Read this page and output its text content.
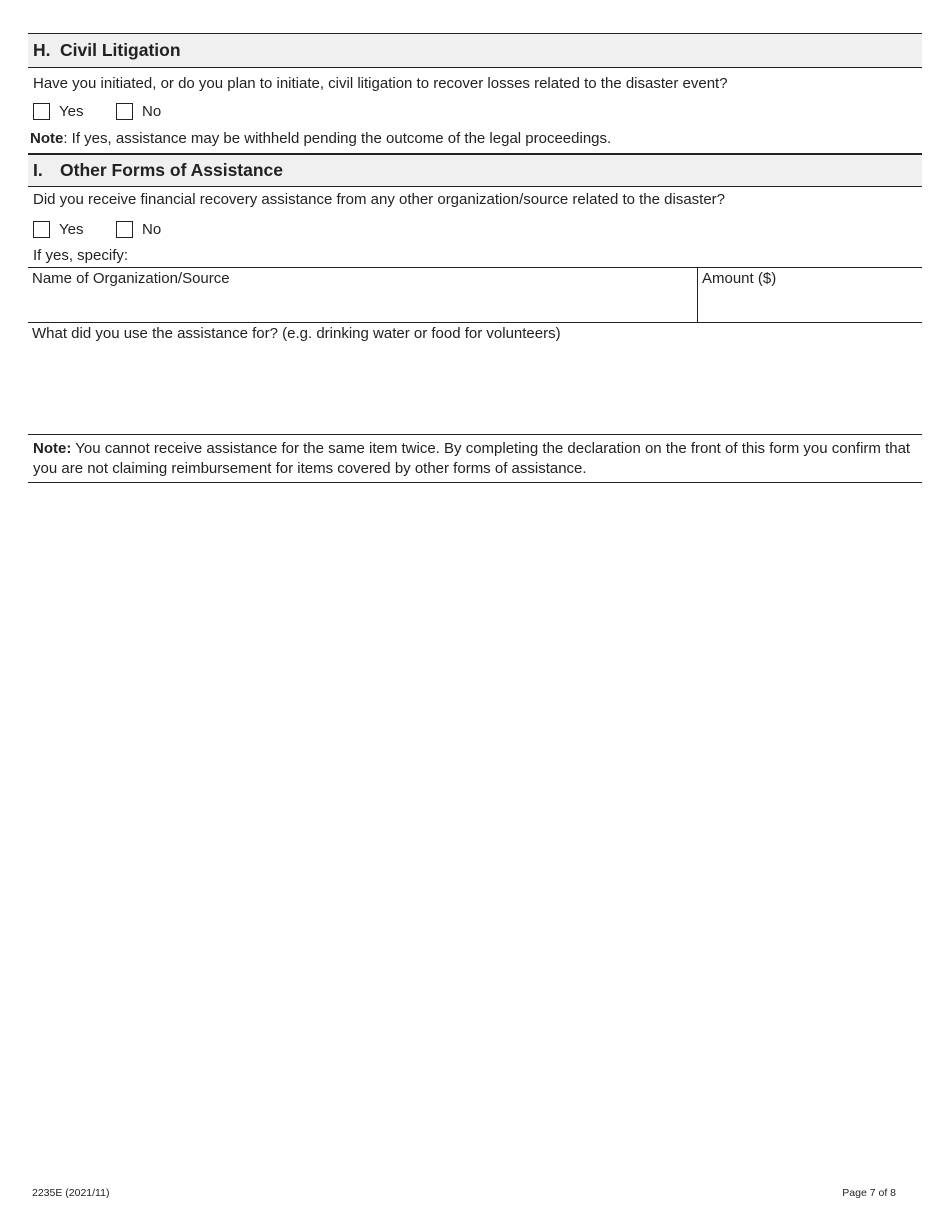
H. Civil Litigation
Have you initiated, or do you plan to initiate, civil litigation to recover losses related to the disaster event?
Yes	No
Note: If yes, assistance may be withheld pending the outcome of the legal proceedings.
I. Other Forms of Assistance
Did you receive financial recovery assistance from any other organization/source related to the disaster?
Yes	No
If yes, specify:
Name of Organization/Source	Amount ($)
What did you use the assistance for? (e.g. drinking water or food for volunteers)
Note: You cannot receive assistance for the same item twice. By completing the declaration on the front of this form you confirm that you are not claiming reimbursement for items covered by other forms of assistance.
2235E (2021/11)	Page 7 of 8
